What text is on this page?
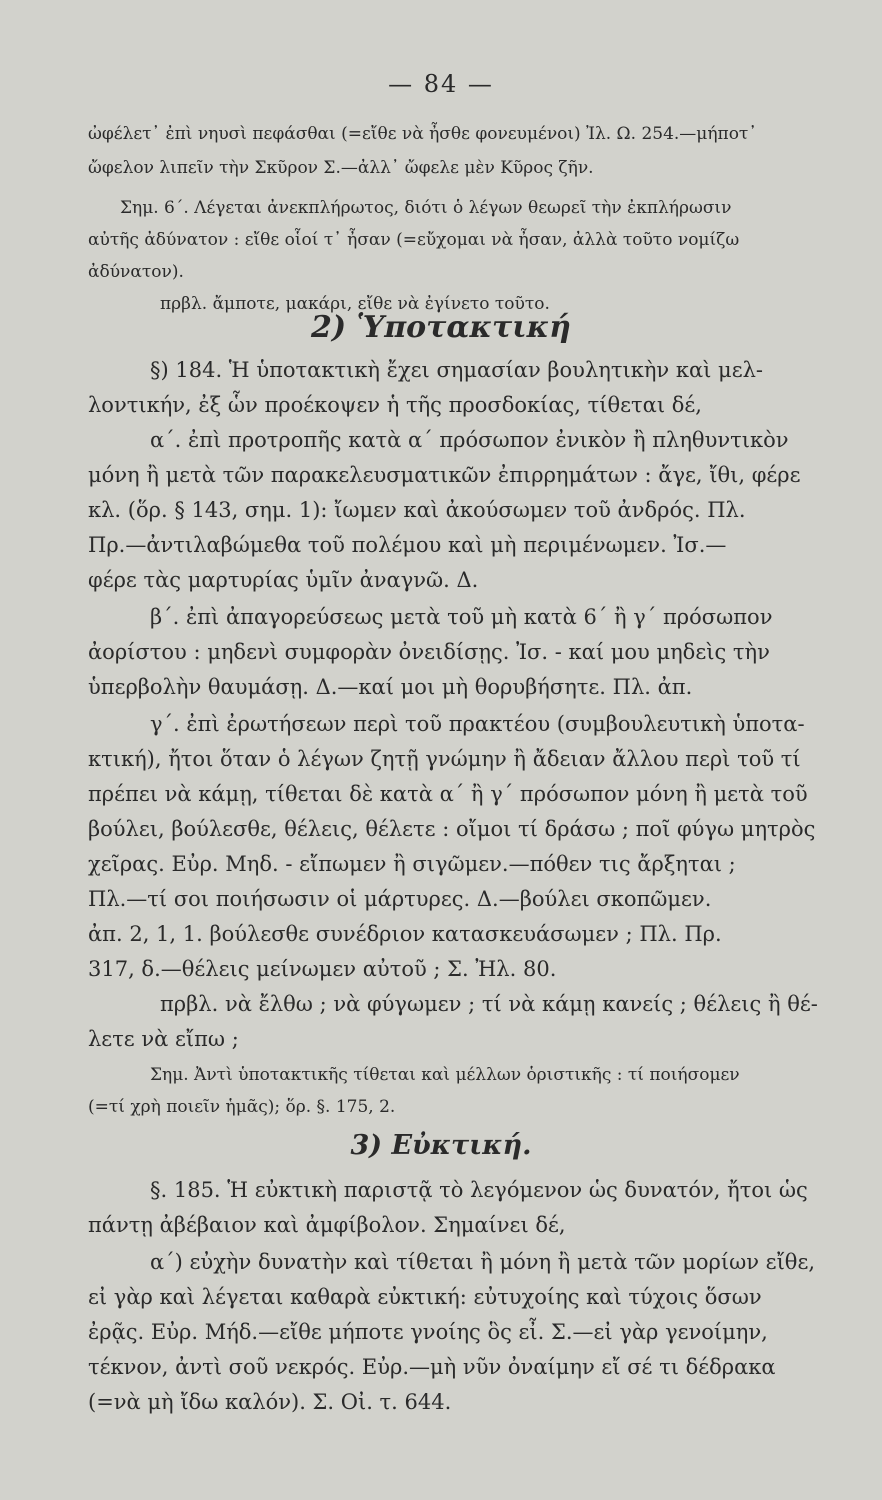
— 84 —
ὠφέλετ᾽ ἐπὶ νηυσὶ πεφάσθαι (=εἴθε νὰ ἦσθε φονευμένοι) Ἰλ. Ω. 254.—μήποτ᾽
ὤφελον λιπεῖν τὴν Σκῦρον Σ.—ἀλλ᾽ ὤφελε μὲν Κῦρος ζῆν.
Σημ. 6΄. Λέγεται ἀνεκπλήρωτος, διότι ὁ λέγων θεωρεῖ τὴν ἐκπλήρωσιν
αὐτῆς ἀδύνατον : εἴθε οἷοί τ᾽ ἦσαν (=εὔχομαι νὰ ἦσαν, ἀλλὰ τοῦτο νομίζω
ἀδύνατον).
πρβλ. ἄμποτε, μακάρι, εἴθε νὰ ἐγίνετο τοῦτο.
§) 184. Ἡ ὑποτακτικὴ ἔχει σημασίαν βουλητικὴν καὶ μελ-
λοντικήν, ἐξ ὧν προέκοψεν ἡ τῆς προσδοκίας, τίθεται δέ,
α΄. ἐπὶ προτροπῆς κατὰ α΄ πρόσωπον ἐνικὸν ἢ πληθυντικὸν
μόνη ἢ μετὰ τῶν παρακελευσματικῶν ἐπιρρημάτων : ἄγε, ἴθι, φέρε
κλ. (ὅρ. § 143, σημ. 1): ἴωμεν καὶ ἀκούσωμεν τοῦ ἀνδρός. Πλ.
Πρ.—ἀντιλαβώμεθα τοῦ πολέμου καὶ μὴ περιμένωμεν. Ἰσ.—
φέρε τὰς μαρτυρίας ὑμῖν ἀναγνῶ. Δ.
β΄. ἐπὶ ἀπαγορεύσεως μετὰ τοῦ μὴ κατὰ 6΄ ἢ γ΄ πρόσωπον
ἀορίστου : μηδενὶ συμφορὰν ὀνειδίσῃς. Ἰσ. - καί μου μηδεὶς τὴν
ὑπερβολὴν θαυμάσῃ. Δ.—καί μοι μὴ θορυβήσητε. Πλ. ἀπ.
γ΄. ἐπὶ ἐρωτήσεων περὶ τοῦ πρακτέου (συμβουλευτικὴ ὑποτα-
κτική), ἤτοι ὅταν ὁ λέγων ζητῇ γνώμην ἢ ἄδειαν ἄλλου περὶ τοῦ τί
πρέπει νὰ κάμῃ, τίθεται δὲ κατὰ α΄ ἢ γ΄ πρόσωπον μόνη ἢ μετὰ τοῦ
βούλει, βούλεσθε, θέλεις, θέλετε : οἴμοι τί δράσω ; ποῖ φύγω μητρὸς
χεῖρας. Εὐρ. Μηδ. - εἴπωμεν ἢ σιγῶμεν.—πόθεν τις ἄρξηται ;
Πλ.—τί σοι ποιήσωσιν οἱ μάρτυρες. Δ.—βούλει σκοπῶμεν.
ἀπ. 2, 1, 1. βούλεσθε συνέδριον κατασκευάσωμεν ; Πλ. Πρ.
317, δ.—θέλεις μείνωμεν αὐτοῦ ; Σ. Ἠλ. 80.
πρβλ. νὰ ἔλθω ; νὰ φύγωμεν ; τί νὰ κάμῃ κανείς ; θέλεις ἢ θέ-
λετε νὰ εἴπω ;
Σημ. Ἀντὶ ὑποτακτικῆς τίθεται καὶ μέλλων ὁριστικῆς : τί ποιήσομεν
(=τί χρὴ ποιεῖν ἡμᾶς); ὅρ. §. 175, 2.
§. 185. Ἡ εὐκτικὴ παριστᾷ τὸ λεγόμενον ὡς δυνατόν, ἤτοι ὡς
πάντῃ ἀβέβαιον καὶ ἀμφίβολον. Σημαίνει δέ,
α΄) εὐχὴν δυνατὴν καὶ τίθεται ἢ μόνη ἢ μετὰ τῶν μορίων εἴθε,
εἰ γὰρ καὶ λέγεται καθαρὰ εὐκτική: εὐτυχοίης καὶ τύχοις ὅσων
ἐρᾷς. Εὐρ. Μήδ.—εἴθε μήποτε γνοίης ὃς εἶ. Σ.—εἰ γὰρ γενοίμην,
τέκνον, ἀντὶ σοῦ νεκρός. Εὐρ.—μὴ νῦν ὀναίμην εἴ σέ τι δέδρακα
(=νὰ μὴ ἴδω καλόν). Σ. Οἰ. τ. 644.
2) Ὑποτακτική
3) Εὐκτική.
